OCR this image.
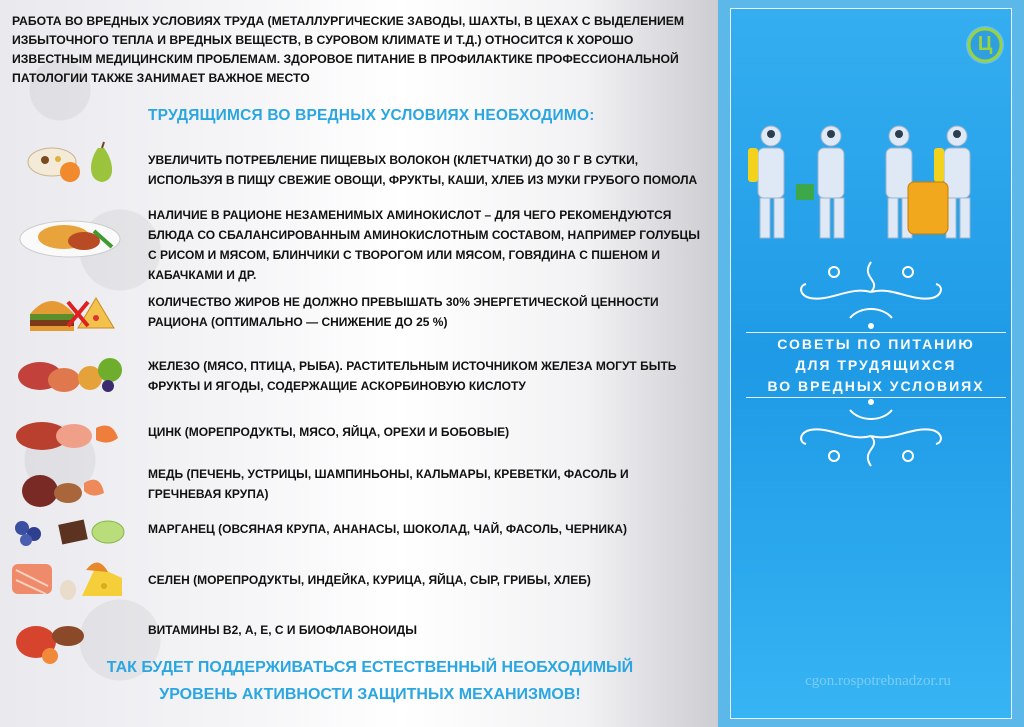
РАБОТА ВО ВРЕДНЫХ УСЛОВИЯХ ТРУДА (МЕТАЛЛУРГИЧЕСКИЕ ЗАВОДЫ, ШАХТЫ, В ЦЕХАХ С ВЫДЕЛЕНИЕМ ИЗБЫТОЧНОГО ТЕПЛА И ВРЕДНЫХ ВЕЩЕСТВ, В СУРОВОМ КЛИМАТЕ И Т.Д.) ОТНОСИТСЯ К ХОРОШО ИЗВЕСТНЫМ МЕДИЦИНСКИМ ПРОБЛЕМАМ. ЗДОРОВОЕ ПИТАНИЕ В ПРОФИЛАКТИКЕ ПРОФЕССИОНАЛЬНОЙ ПАТОЛОГИИ ТАКЖЕ ЗАНИМАЕТ ВАЖНОЕ МЕСТО
ТРУДЯЩИМСЯ ВО ВРЕДНЫХ УСЛОВИЯХ НЕОБХОДИМО:
УВЕЛИЧИТЬ ПОТРЕБЛЕНИЕ ПИЩЕВЫХ ВОЛОКОН (КЛЕТЧАТКИ) ДО 30 Г В СУТКИ, ИСПОЛЬЗУЯ В ПИЩУ СВЕЖИЕ ОВОЩИ, ФРУКТЫ, КАШИ, ХЛЕБ ИЗ МУКИ ГРУБОГО ПОМОЛА
НАЛИЧИЕ В РАЦИОНЕ НЕЗАМЕНИМЫХ АМИНОКИСЛОТ – ДЛЯ ЧЕГО РЕКОМЕНДУЮТСЯ БЛЮДА СО СБАЛАНСИРОВАННЫМ АМИНОКИСЛОТНЫМ СОСТАВОМ, НАПРИМЕР ГОЛУБЦЫ С РИСОМ И МЯСОМ, БЛИНЧИКИ С ТВОРОГОМ ИЛИ МЯСОМ, ГОВЯДИНА С ПШЕНОМ И КАБАЧКАМИ И ДР.
КОЛИЧЕСТВО ЖИРОВ НЕ ДОЛЖНО ПРЕВЫШАТЬ 30% ЭНЕРГЕТИЧЕСКОЙ ЦЕННОСТИ РАЦИОНА (ОПТИМАЛЬНО — СНИЖЕНИЕ ДО 25 %)
ЖЕЛЕЗО (МЯСО, ПТИЦА, РЫБА). РАСТИТЕЛЬНЫМ ИСТОЧНИКОМ ЖЕЛЕЗА МОГУТ БЫТЬ ФРУКТЫ И ЯГОДЫ, СОДЕРЖАЩИЕ АСКОРБИНОВУЮ КИСЛОТУ
ЦИНК (МОРЕПРОДУКТЫ, МЯСО, ЯЙЦА, ОРЕХИ И БОБОВЫЕ)
МЕДЬ (ПЕЧЕНЬ, УСТРИЦЫ, ШАМПИНЬОНЫ, КАЛЬМАРЫ, КРЕВЕТКИ, ФАСОЛЬ И ГРЕЧНЕВАЯ КРУПА)
МАРГАНЕЦ (ОВСЯНАЯ КРУПА, АНАНАСЫ, ШОКОЛАД, ЧАЙ, ФАСОЛЬ, ЧЕРНИКА)
СЕЛЕН (МОРЕПРОДУКТЫ, ИНДЕЙКА, КУРИЦА, ЯЙЦА, СЫР, ГРИБЫ, ХЛЕБ)
ВИТАМИНЫ В2, А, Е, С И БИОФЛАВОНОИДЫ
ТАК БУДЕТ ПОДДЕРЖИВАТЬСЯ ЕСТЕСТВЕННЫЙ НЕОБХОДИМЫЙ УРОВЕНЬ АКТИВНОСТИ ЗАЩИТНЫХ МЕХАНИЗМОВ!
Ц
СОВЕТЫ ПО ПИТАНИЮ
ДЛЯ ТРУДЯЩИХСЯ
ВО ВРЕДНЫХ УСЛОВИЯХ
cgon.rospotrebnadzor.ru
